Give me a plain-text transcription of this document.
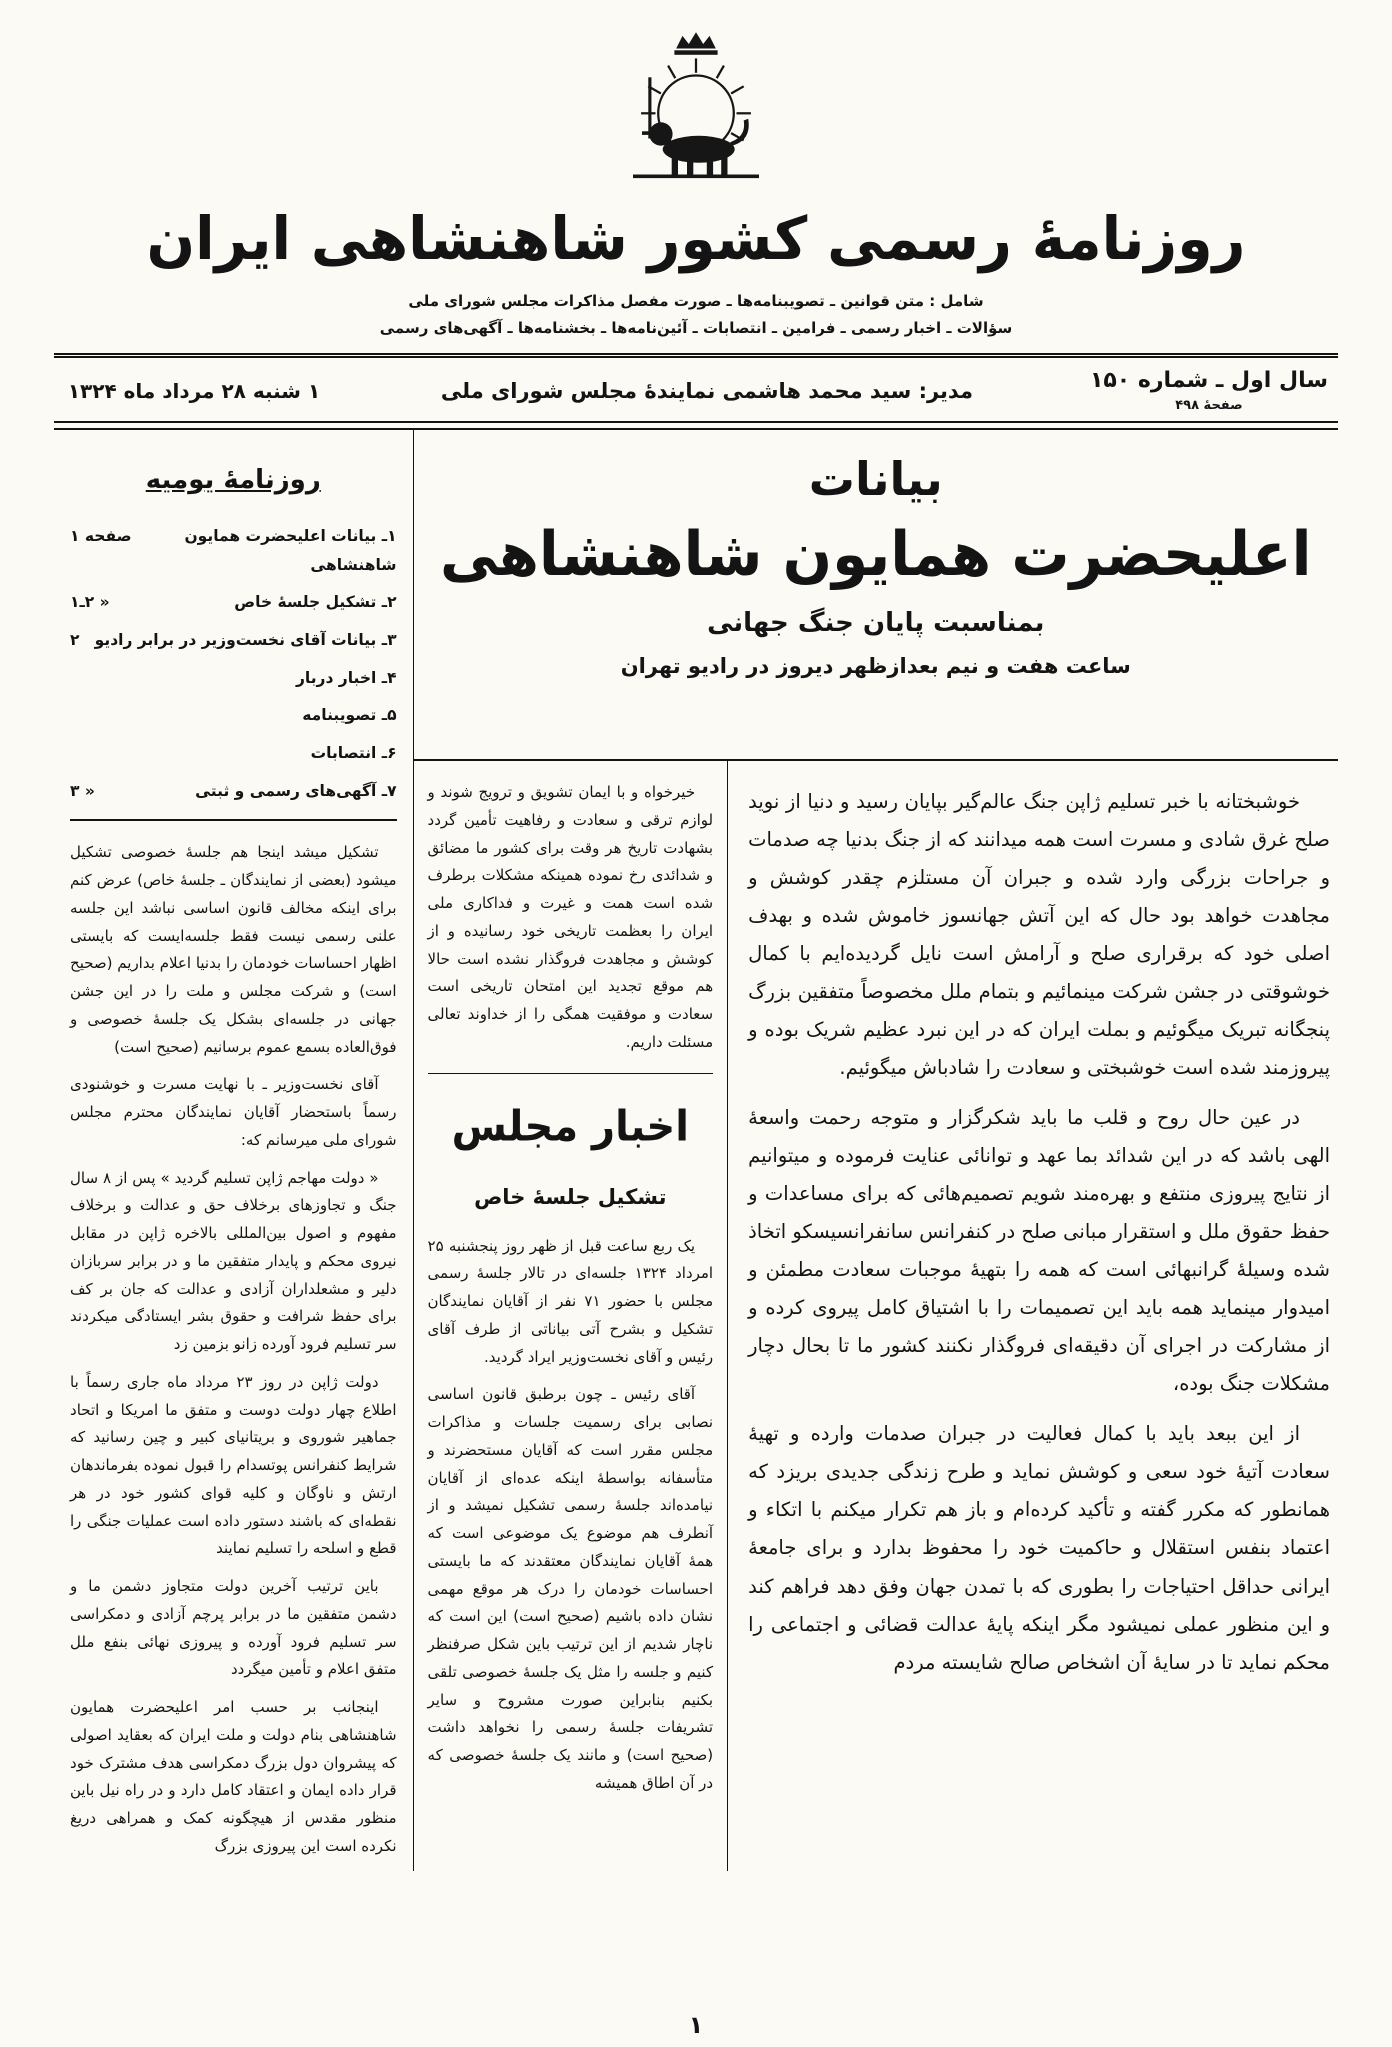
روزنامهٔ رسمی کشور شاهنشاهی ایران
شامل : متن قوانین ـ تصویبنامه‌ها ـ صورت مفصل مذاکرات مجلس شورای ملی
سؤالات ـ اخبار رسمی ـ فرامین ـ انتصابات ـ آئین‌نامه‌ها ـ بخشنامه‌ها ـ آگهی‌های رسمی
سال اول ـ شماره ۱۵۰
صفحهٔ ۴۹۸
مدیر: سید محمد هاشمی نمایندهٔ مجلس شورای ملی
۱ شنبه ۲۸ مرداد ماه ۱۳۲۴
بیانات
اعلیحضرت همایون شاهنشاهی
بمناسبت پایان جنگ جهانی
ساعت هفت و نیم بعدازظهر دیروز در رادیو تهران

خوشبختانه با خبر تسلیم ژاپن جنگ عالم‌گیر بپایان رسید و دنیا از نوید صلح غرق شادی و مسرت است همه میدانند که از جنگ بدنیا چه صدمات و جراحات بزرگی وارد شده و جبران آن مستلزم چقدر کوشش و مجاهدت خواهد بود حال که این آتش جهانسوز خاموش شده و بهدف اصلی خود که برقراری صلح و آرامش است نایل گردیده‌ایم با کمال خوشوقتی در جشن شرکت مینمائیم و بتمام ملل مخصوصاً متفقین بزرگ پنجگانه تبریک میگوئیم و بملت ایران که در این نبرد عظیم شریک بوده و پیروزمند شده است خوشبختی و سعادت را شادباش میگوئیم.

در عین حال روح و قلب ما باید شکرگزار و متوجه رحمت واسعهٔ الهی باشد که در این شدائد بما عهد و توانائی عنایت فرموده و میتوانیم از نتایج پیروزی منتفع و بهره‌مند شویم تصمیم‌هائی که برای مساعدات و حفظ حقوق ملل و استقرار مبانی صلح در کنفرانس سانفرانسیسکو اتخاذ شده وسیلهٔ گرانبهائی است که همه را بتهیهٔ موجبات سعادت مطمئن و امیدوار مینماید همه باید این تصمیمات را با اشتیاق کامل پیروی کرده و از مشارکت در اجرای آن دقیقه‌ای فروگذار نکنند کشور ما تا بحال دچار مشکلات جنگ بوده،

از این ببعد باید با کمال فعالیت در جبران صدمات وارده و تهیهٔ سعادت آتیهٔ خود سعی و کوشش نماید و طرح زندگی جدیدی بریزد که همانطور که مکرر گفته و تأکید کرده‌ام و باز هم تکرار میکنم با اتکاء و اعتماد بنفس استقلال و حاکمیت خود را محفوظ بدارد و برای جامعهٔ ایرانی حداقل احتیاجات را بطوری که با تمدن جهان وفق دهد فراهم کند و این منظور عملی نمیشود مگر اینکه پایهٔ عدالت قضائی و اجتماعی را محکم نماید تا در سایهٔ آن اشخاص صالح شایسته مردم

خیرخواه و با ایمان تشویق و ترویج شوند و لوازم ترقی و سعادت و رفاهیت تأمین گردد بشهادت تاریخ هر وقت برای کشور ما مضائق و شدائدی رخ نموده همینکه مشکلات برطرف شده است همت و غیرت و فداکاری ملی ایران را بعظمت تاریخی خود رسانیده و از کوشش و مجاهدت فروگذار نشده است حالا هم موقع تجدید این امتحان تاریخی است سعادت و موفقیت همگی را از خداوند تعالی مسئلت داریم.

اخبار مجلس
تشکیل جلسهٔ خاص

یک ربع ساعت قبل از ظهر روز پنجشنبه ۲۵ امرداد ۱۳۲۴ جلسه‌ای در تالار جلسهٔ رسمی مجلس با حضور ۷۱ نفر از آقایان نمایندگان تشکیل و بشرح آتی بیاناتی از طرف آقای رئیس و آقای نخست‌وزیر ایراد گردید.

آقای رئیس ـ چون برطبق قانون اساسی نصابی برای رسمیت جلسات و مذاکرات مجلس مقرر است که آقایان مستحضرند و متأسفانه بواسطهٔ اینکه عده‌ای از آقایان نیامده‌اند جلسهٔ رسمی تشکیل نمیشد و از آنطرف هم موضوع یک موضوعی است که همهٔ آقایان نمایندگان معتقدند که ما بایستی احساسات خودمان را درک هر موقع مهمی نشان داده باشیم (صحیح است) این است که ناچار شدیم از این ترتیب باین شکل صرفنظر کنیم و جلسه را مثل یک جلسهٔ خصوصی تلقی بکنیم بنابراین صورت مشروح و سایر تشریفات جلسهٔ رسمی را نخواهد داشت (صحیح است) و مانند یک جلسهٔ خصوصی که در آن اطاق همیشه

روزنامهٔ یومیه
۱ـ بیانات اعلیحضرت همایون شاهنشاهی
صفحه ۱
۲ـ تشکیل جلسهٔ خاص
« ۲ـ۱
۳ـ بیانات آقای نخست‌وزیر در برابر رادیو
۲
۴ـ اخبار دربار
۵ـ تصویبنامه
۶ـ انتصابات
۷ـ آگهی‌های رسمی و ثبتی
« ۳

تشکیل میشد اینجا هم جلسهٔ خصوصی تشکیل میشود (بعضی از نمایندگان ـ جلسهٔ خاص) عرض کنم برای اینکه مخالف قانون اساسی نباشد این جلسه علنی رسمی نیست فقط جلسه‌ایست که بایستی اظهار احساسات خودمان را بدنیا اعلام بداریم (صحیح است) و شرکت مجلس و ملت را در این جشن جهانی در جلسه‌ای بشکل یک جلسهٔ خصوصی و فوق‌العاده بسمع عموم برسانیم (صحیح است)

آقای نخست‌وزیر ـ با نهایت مسرت و خوشنودی رسماً باستحضار آقایان نمایندگان محترم مجلس شورای ملی میرسانم که:

« دولت مهاجم ژاپن تسلیم گردید » پس از ۸ سال جنگ و تجاوزهای برخلاف حق و عدالت و برخلاف مفهوم و اصول بین‌المللی بالاخره ژاپن در مقابل نیروی محکم و پایدار متفقین ما و در برابر سربازان دلیر و مشعلداران آزادی و عدالت که جان بر کف برای حفظ شرافت و حقوق بشر ایستادگی میکردند سر تسلیم فرود آورده زانو بزمین زد

دولت ژاپن در روز ۲۳ مرداد ماه جاری رسماً با اطلاع چهار دولت دوست و متفق ما امریکا و اتحاد جماهیر شوروی و بریتانیای کبیر و چین رسانید که شرایط کنفرانس پوتسدام را قبول نموده بفرماندهان ارتش و ناوگان و کلیه قوای کشور خود در هر نقطه‌ای که باشند دستور داده است عملیات جنگی را قطع و اسلحه را تسلیم نمایند

باین ترتیب آخرین دولت متجاوز دشمن ما و دشمن متفقین ما در برابر پرچم آزادی و دمکراسی سر تسلیم فرود آورده و پیروزی نهائی بنفع ملل متفق اعلام و تأمین میگردد

اینجانب بر حسب امر اعلیحضرت همایون شاهنشاهی بنام دولت و ملت ایران که بعقاید اصولی که پیشروان دول بزرگ دمکراسی هدف مشترک خود قرار داده ایمان و اعتقاد کامل دارد و در راه نیل باین منظور مقدس از هیچگونه کمک و همراهی دریغ نکرده است این پیروزی بزرگ

۱
